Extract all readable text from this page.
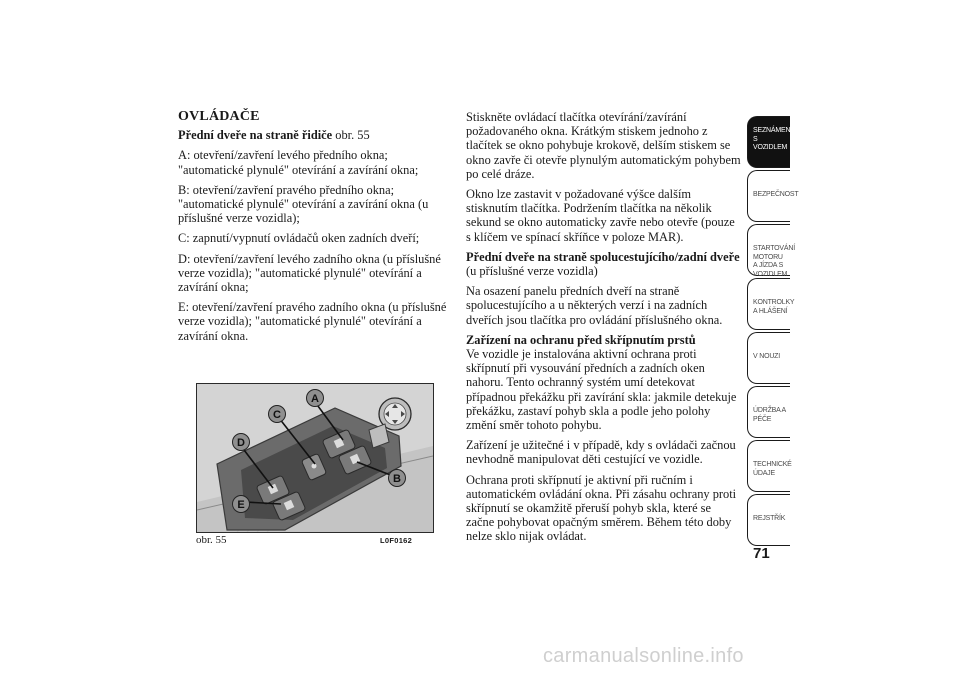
OVLÁDAČE

Přední dveře na straně řidiče obr. 55

A: otevření/zavření levého předního okna; "automatické plynulé" otevírání a zavírání okna;

B: otevření/zavření pravého předního okna; "automatické plynulé" otevírání a zavírání okna (u příslušné verze vozidla);

C: zapnutí/vypnutí ovládačů oken zadních dveří;

D: otevření/zavření levého zadního okna (u příslušné verze vozidla); "automatické plynulé" otevírání a zavírání okna;

E: otevření/zavření pravého zadního okna (u příslušné verze vozidla); "automatické plynulé" otevírání a zavírání okna.

A
C
D
E
B
obr. 55	L0F0162

Stiskněte ovládací tlačítka otevírání/zavírání požadovaného okna. Krátkým stiskem jednoho z tlačítek se okno pohybuje krokově, delším stiskem se okno zavře či otevře plynulým automatickým pohybem po celé dráze.

Okno lze zastavit v požadované výšce dalším stisknutím tlačítka. Podržením tlačítka na několik sekund se okno automaticky zavře nebo otevře (pouze s klíčem ve spínací skříňce v poloze MAR).

Přední dveře na straně spolucestujícího/zadní dveře

(u příslušné verze vozidla)

Na osazení panelu předních dveří na straně spolucestujícího a u některých verzí i na zadních dveřích jsou tlačítka pro ovládání příslušného okna.

Zařízení na ochranu před skřípnutím prstů

Ve vozidle je instalována aktivní ochrana proti skřípnutí při vysouvání předních a zadních oken nahoru. Tento ochranný systém umí detekovat případnou překážku při zavírání skla: jakmile detekuje překážku, zastaví pohyb skla a podle jeho polohy změní směr tohoto pohybu.

Zařízení je užitečné i v případě, kdy s ovládači začnou nevhodně manipulovat děti cestující ve vozidle.

Ochrana proti skřípnutí je aktivní při ručním i automatickém ovládání okna. Při zásahu ochrany proti skřípnutí se okamžitě přeruší pohyb skla, které se začne pohybovat opačným směrem. Během této doby nelze sklo nijak ovládat.

SEZNÁMENÍ S VOZIDLEM
BEZPEČNOST
STARTOVÁNÍ MOTORU A JÍZDA S VOZIDLEM
KONTROLKY A HLÁŠENÍ
V NOUZI
ÚDRŽBA A PÉČE
TECHNICKÉ ÚDAJE
REJSTŘÍK
71
carmanualsonline.info
